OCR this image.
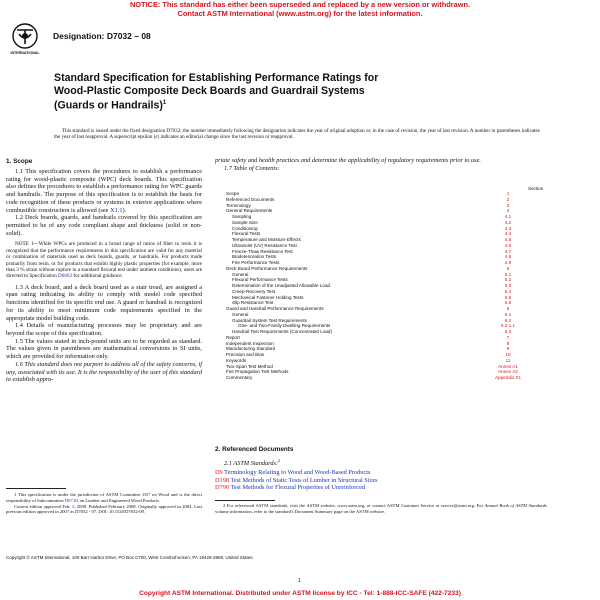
NOTICE: This standard has either been superseded and replaced by a new version or withdrawn.
Contact ASTM International (www.astm.org) for the latest information.
INTERNATIONAL
Designation: D7032 – 08
Standard Specification for Establishing Performance Ratings for Wood-Plastic Composite Deck Boards and Guardrail Systems (Guards or Handrails)$^1$
This standard is issued under the fixed designation D7032; the number immediately following the designation indicates the year of original adoption or, in the case of revision, the year of last revision. A number in parentheses indicates the year of last reapproval. A superscript epsilon (ε) indicates an editorial change since the last revision or reapproval.
1. Scope

1.1 This specification covers the procedures to establish a performance rating for wood-plastic composite (WPC) deck boards. This specification also defines the procedures to establish a performance rating for WPC guards and handrails. The purpose of this specification is to establish the basis for code recognition of these products or systems in exterior applications where combustible construction is allowed (see X1.1).

1.2 Deck boards, guards, and handrails covered by this specification are permitted to be of any code compliant shape and thickness (solid or non-solid).

NOTE 1—While WPCs are produced in a broad range of ratios of fiber to resin it is recognized that the performance requirements in this specification are valid for any material or combination of materials used as deck boards, guards, or handrails. For products made primarily from resin, or for products that exhibit highly plastic properties (for example, more than 3 % strain without rupture in a standard flexural test under ambient conditions), users are directed to Specification D6662 for additional guidance.

1.3 A deck board, and a deck board used as a stair tread, are assigned a span rating indicating its ability to comply with model code specified functions identified for its specific end use. A guard or handrail is recognized for its ability to meet minimum code requirements specified in the appropriate model building code.

1.4 Details of manufacturing processes may be proprietary and are beyond the scope of this specification.

1.5 The values stated in inch-pound units are to be regarded as standard. The values given in parentheses are mathematical conversions to SI units, which are provided for information only.

1.6 This standard does not purport to address all of the safety concerns, if any, associated with its use. It is the responsibility of the user of this standard to establish appro-

1 This specification is under the jurisdiction of ASTM Committee D07 on Wood and is the direct responsibility of Subcommittee D07.02 on Lumber and Engineered Wood Products.
Current edition approved Feb. 1, 2008. Published February 2008. Originally approved in 2004. Last previous edition approved in 2007 as D7032 - 07. DOI: 10.1520/D7032-08.

priate safety and health practices and determine the applicability of regulatory requirements prior to use.

1.7 Table of Contents:

Section
Scope	1
Referenced Documents	2
Terminology	3
General Requirements	4
Sampling	4.1
Sample Size	4.2
Conditioning	4.3
Flexural Tests	4.4
Temperature and Moisture Effects	4.5
Ultraviolet (UV) Resistance Test	4.6
Freeze-Thaw Resistance Test	4.7
Biodeterioration Tests	4.8
Fire Performance Tests	4.9
Deck Board Performance Requirements	5
General	5.1
Flexural Performance Tests	5.2
Determination of the Unadjusted Allowable Load	5.3
Creep-Recovery Test	5.4
Mechanical Fastener Holding Tests	5.5
Slip Resistance Test	5.6
Guard and Handrail Performance Requirements	6
General	6.1
Guardrail System Test Requirements	6.2
One- and Two-Family Dwelling Requirements	6.2.1.1
Handrail Test Requirements (Concentrated Load)	6.3
Report	7
Independent Inspection	8
Manufacturing Standard	9
Precision and Bias	10
Keywords	11
Two-Span Test Method	Annex A1
Fire Propagation Test Methods	Annex A2
Commentary	Appendix X1
2. Referenced Documents

2.1 ASTM Standards:$^2$

D9 Terminology Relating to Wood and Wood-Based Products
D198 Test Methods of Static Tests of Lumber in Structural Sizes
D790 Test Methods for Flexural Properties of Unreinforced
2 For referenced ASTM standards, visit the ASTM website, www.astm.org, or contact ASTM Customer Service at service@astm.org. For Annual Book of ASTM Standards volume information, refer to the standard's Document Summary page on the ASTM website.
Copyright © ASTM International, 100 Barr Harbor Drive, PO Box C700, West Conshohocken, PA 19428-2959, United States.
1
Copyright ASTM International. Distributed under ASTM license by ICC - Tel: 1-888-ICC-SAFE (422-7233)
